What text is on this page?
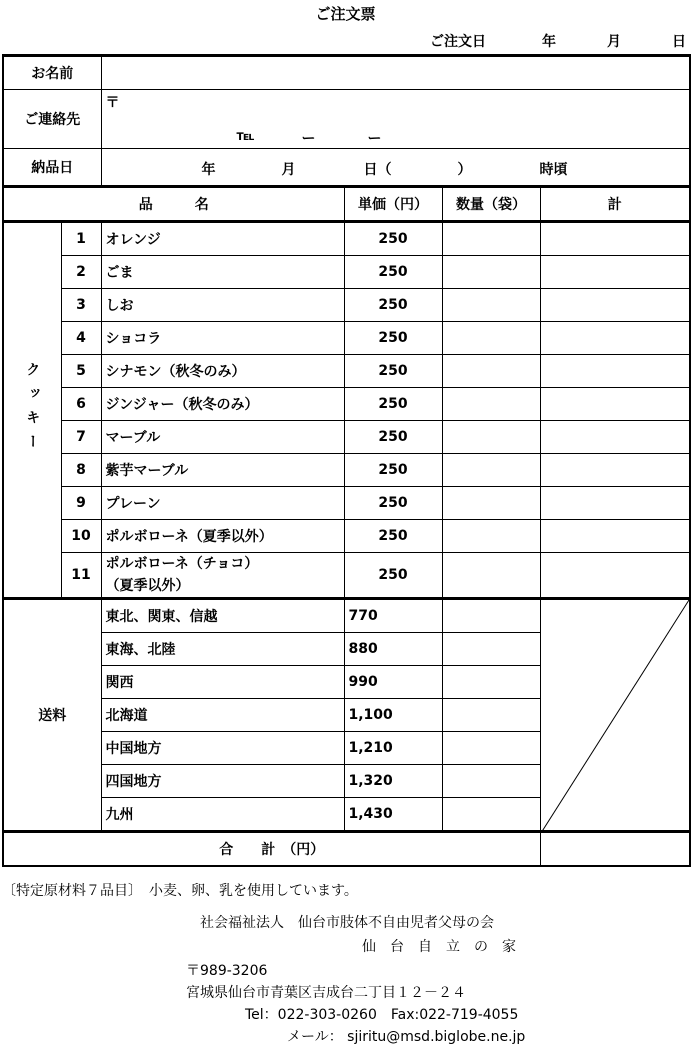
ご注文票
ご注文日	年	月	日
お名前					
ご連絡先		〒
℡ ー ー			

納品日		年 月 日（ ） 時頃			

品　　　名			単価（円）	数量（袋）	計

クッキー	1	オレンジ	250		
	2	ごま	250		
	3	しお	250		
	4	ショコラ	250		
	5	シナモン（秋冬のみ）	250		
	6	ジンジャー（秋冬のみ）	250		
	7	マーブル	250		
	8	紫芋マーブル	250		
	9	プレーン	250		
	10	ポルボローネ（夏季以外）	250		
	11	ポルボローネ（チョコ）
（夏季以外）	250		
送料		東北、関東、信越	770		

		東海、北陸	880		
		関西	990		
		北海道	1,100		
		中国地方	1,210		
		四国地方	1,320		
		九州	1,430		
合　　計　（円）					
〔特定原材料７品目〕　小麦、卵、乳を使用しています。
社会福祉法人　仙台市肢体不自由児者父母の会
仙　台　自　立　の　家
〒989-3206
宮城県仙台市青葉区吉成台二丁目１２－２４
Tel：022-303-0260　Fax:022-719-4055
メール： sjiritu@msd.biglobe.ne.jp
